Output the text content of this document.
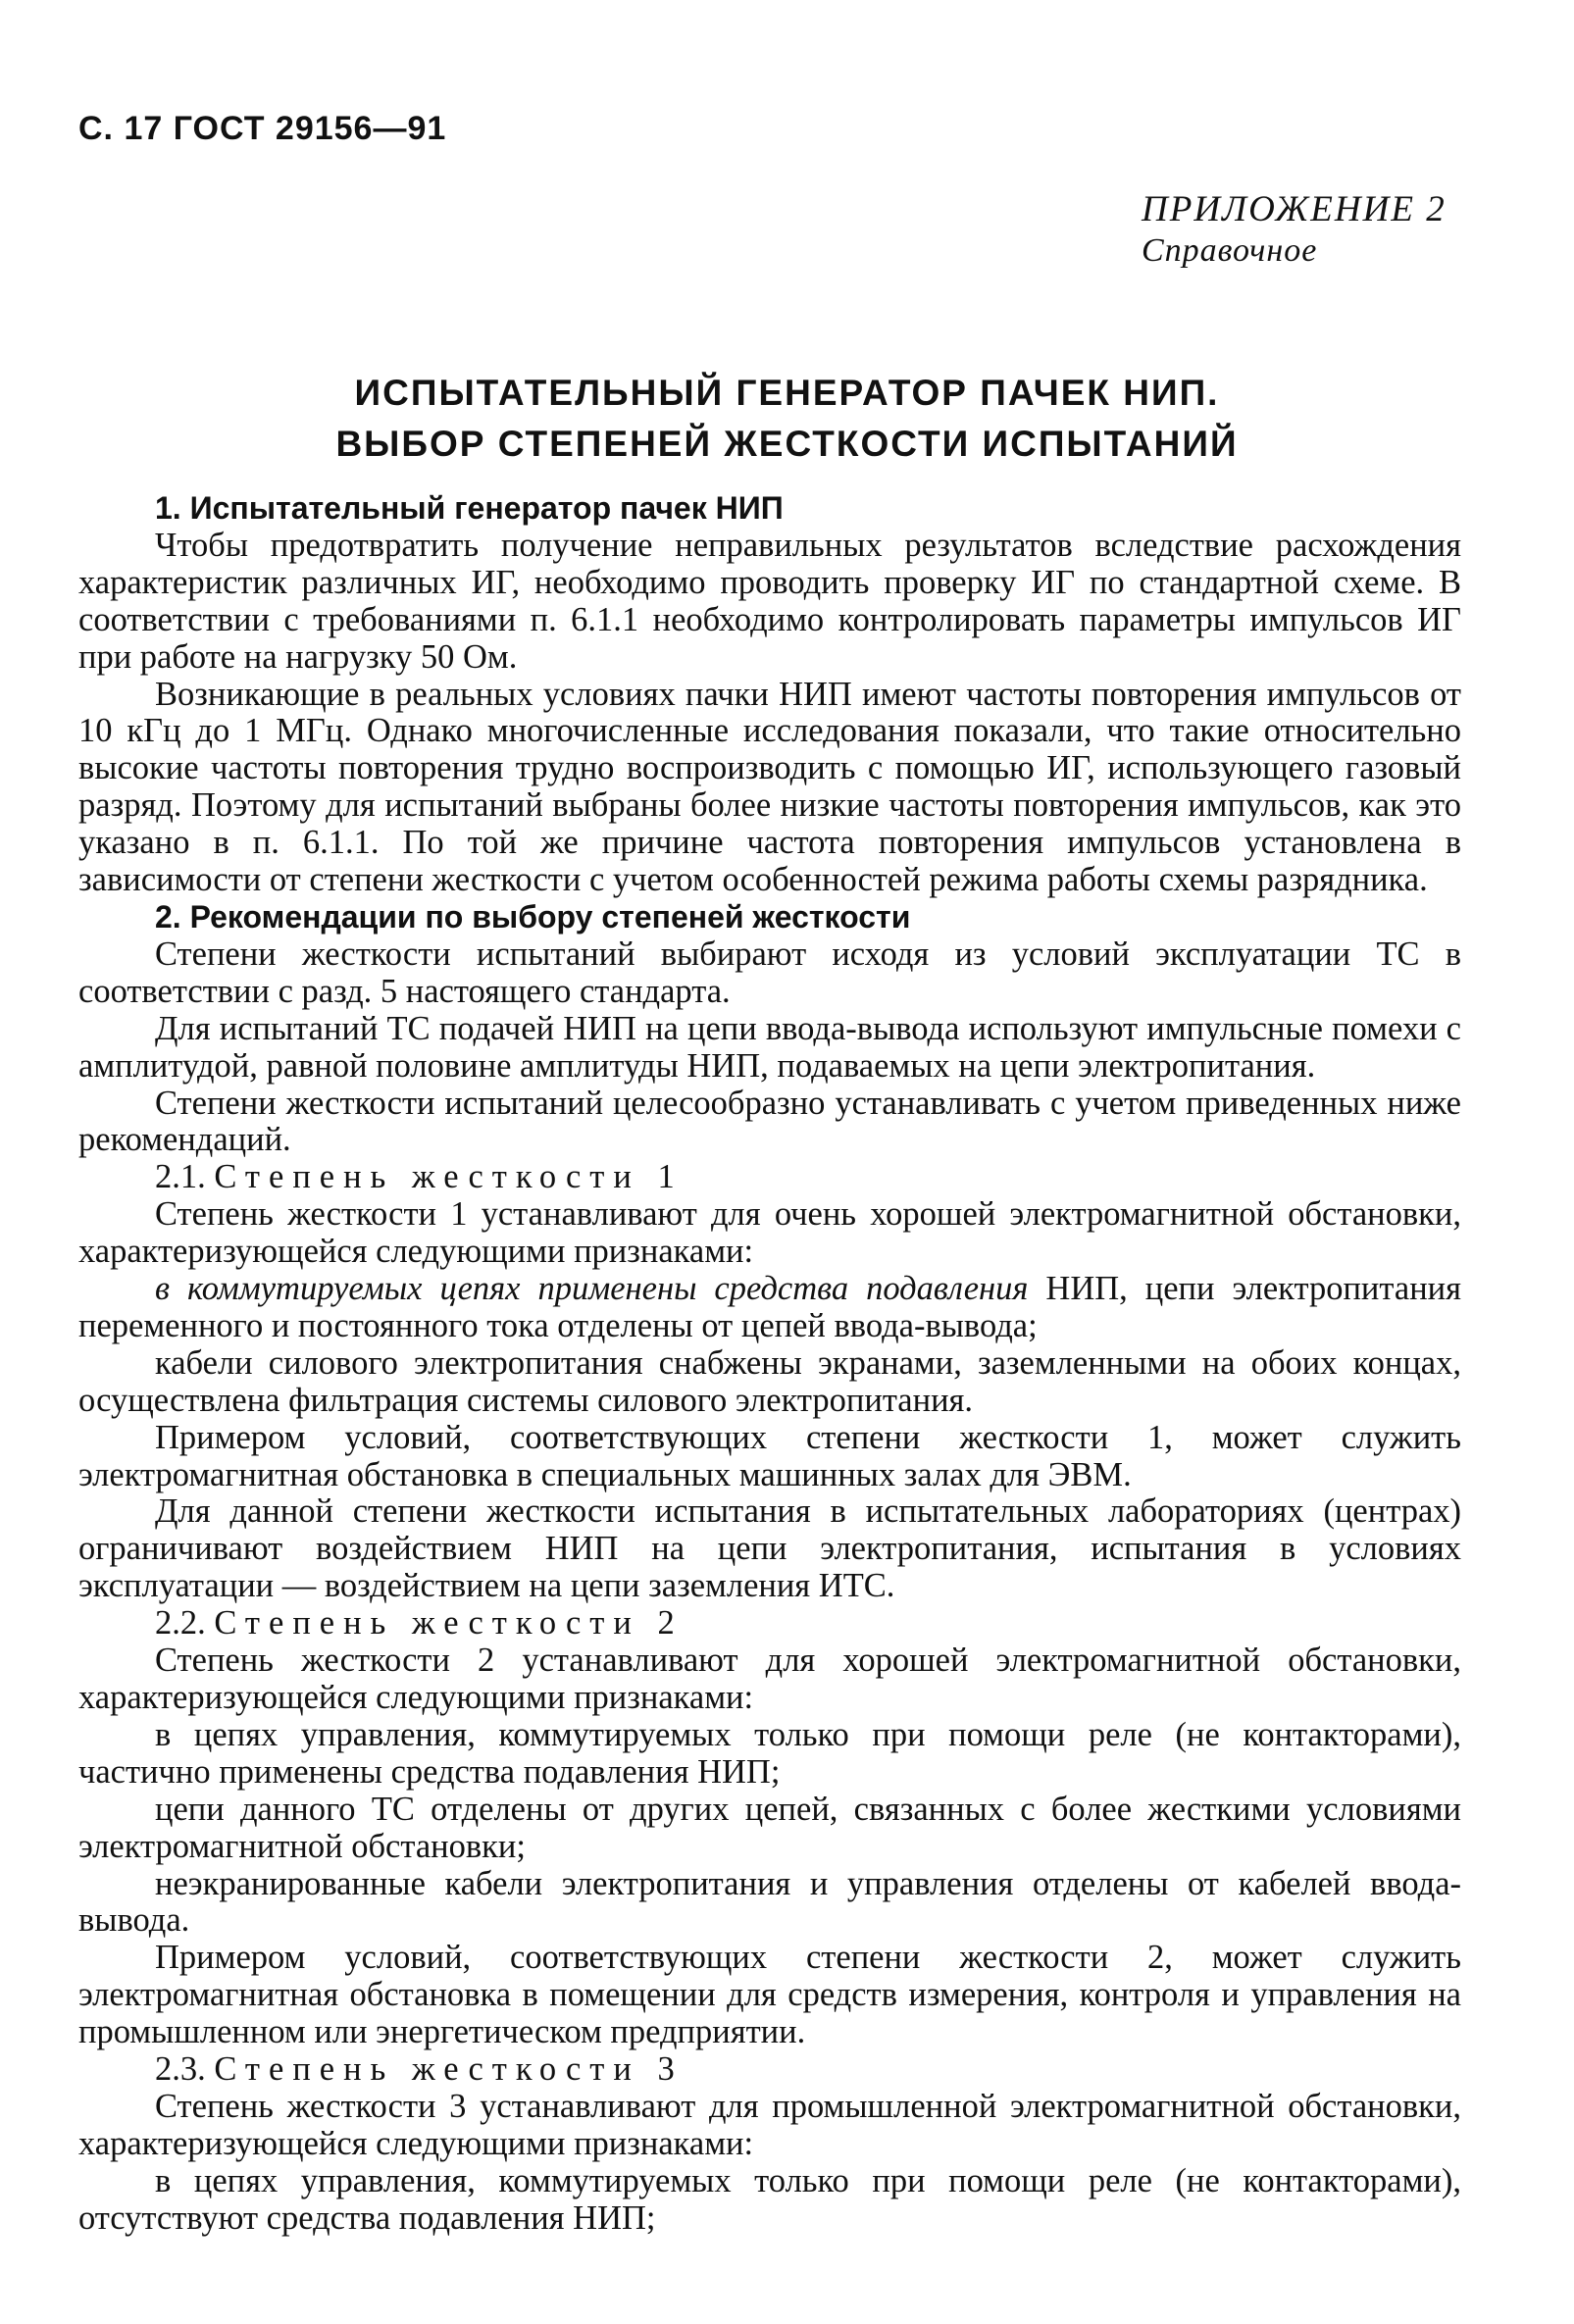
С. 17 ГОСТ 29156—91
ПРИЛОЖЕНИЕ 2
Справочное
ИСПЫТАТЕЛЬНЫЙ ГЕНЕРАТОР ПАЧЕК НИП.
ВЫБОР СТЕПЕНЕЙ ЖЕСТКОСТИ ИСПЫТАНИЙ

1. Испытательный генератор пачек НИП

Чтобы предотвратить получение неправильных результатов вследствие расхождения характеристик различных ИГ, необходимо проводить проверку ИГ по стандартной схеме. В соответствии с требованиями п. 6.1.1 необходимо контролировать параметры импульсов ИГ при работе на нагрузку 50 Ом.

Возникающие в реальных условиях пачки НИП имеют частоты повторения импульсов от 10 кГц до 1 МГц. Однако многочисленные исследования показали, что такие относительно высокие частоты повторения трудно воспроизводить с помощью ИГ, использующего газовый разряд. Поэтому для испытаний выбраны более низкие частоты повторения импульсов, как это указано в п. 6.1.1. По той же причине частота повторения импульсов установлена в зависимости от степени жесткости с учетом особенностей режима работы схемы разрядника.

2. Рекомендации по выбору степеней жесткости

Степени жесткости испытаний выбирают исходя из условий эксплуатации ТС в соответствии с разд. 5 настоящего стандарта.

Для испытаний ТС подачей НИП на цепи ввода-вывода используют импульсные помехи с амплитудой, равной половине амплитуды НИП, подаваемых на цепи электропитания.

Степени жесткости испытаний целесообразно устанавливать с учетом приведенных ниже рекомендаций.

2.1. Степень жесткости 1

Степень жесткости 1 устанавливают для очень хорошей электромагнитной обстановки, характеризующейся следующими признаками:

в коммутируемых цепях применены средства подавления НИП, цепи электропитания переменного и постоянного тока отделены от цепей ввода-вывода;

кабели силового электропитания снабжены экранами, заземленными на обоих концах, осуществлена фильтрация системы силового электропитания.

Примером условий, соответствующих степени жесткости 1, может служить электромагнитная обстановка в специальных машинных залах для ЭВМ.

Для данной степени жесткости испытания в испытательных лабораториях (центрах) ограничивают воздействием НИП на цепи электропитания, испытания в условиях эксплуатации — воздействием на цепи заземления ИТС.

2.2. Степень жесткости 2

Степень жесткости 2 устанавливают для хорошей электромагнитной обстановки, характеризующейся следующими признаками:

в цепях управления, коммутируемых только при помощи реле (не контакторами), частично применены средства подавления НИП;

цепи данного ТС отделены от других цепей, связанных с более жесткими условиями электромагнитной обстановки;

неэкранированные кабели электропитания и управления отделены от кабелей ввода-вывода.

Примером условий, соответствующих степени жесткости 2, может служить электромагнитная обстановка в помещении для средств измерения, контроля и управления на промышленном или энергетическом предприятии.

2.3. Степень жесткости 3

Степень жесткости 3 устанавливают для промышленной электромагнитной обстановки, характеризующейся следующими признаками:

в цепях управления, коммутируемых только при помощи реле (не контакторами), отсутствуют средства подавления НИП;
